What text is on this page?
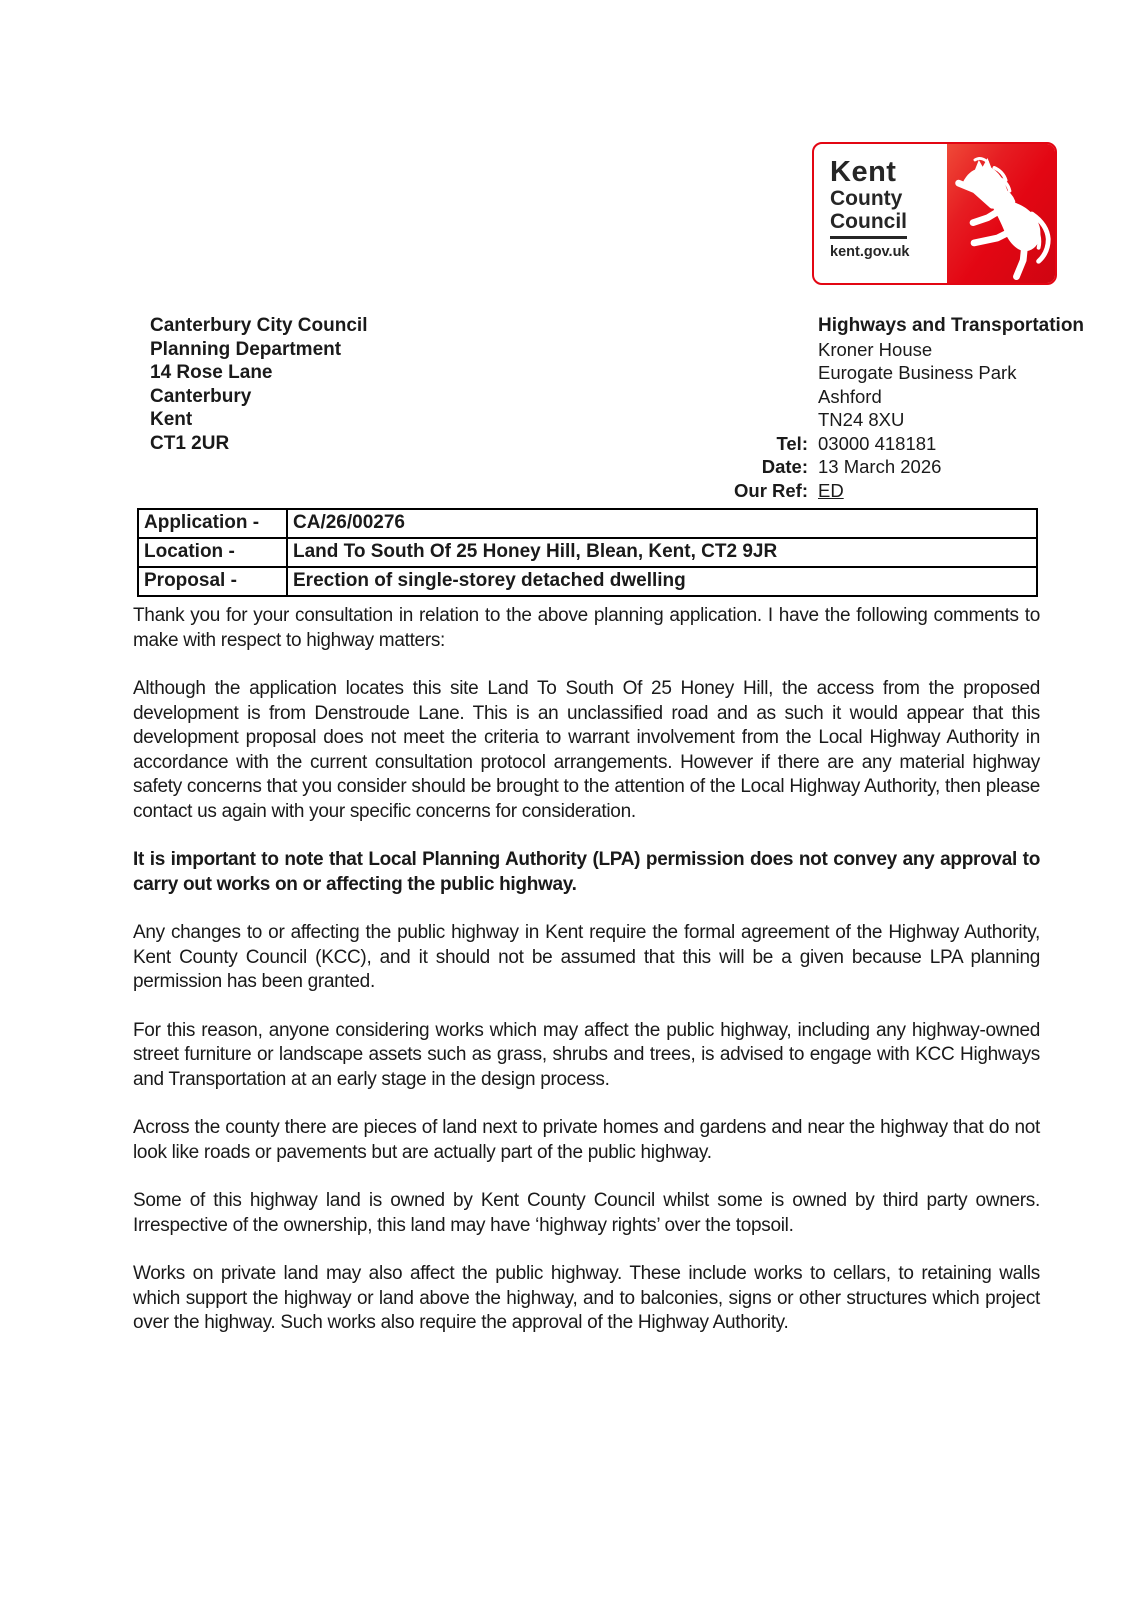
Kent
County
Council
kent.gov.uk
Canterbury City Council
Planning Department
14 Rose Lane
Canterbury
Kent
CT1 2UR
Highways and Transportation
Kroner House
Eurogate Business Park
Ashford
TN24 8XU
Tel: 03000 418181
Date: 13 March 2026
Our Ref: ED
Application -	CA/26/00276
Location -	Land To South Of 25 Honey Hill, Blean, Kent, CT2 9JR
Proposal -	Erection of single-storey detached dwelling

Thank you for your consultation in relation to the above planning application. I have the following comments to make with respect to highway matters:

Although the application locates this site Land To South Of 25 Honey Hill, the access from the proposed development is from Denstroude Lane. This is an unclassified road and as such it would appear that this development proposal does not meet the criteria to warrant involvement from the Local Highway Authority in accordance with the current consultation protocol arrangements. However if there are any material highway safety concerns that you consider should be brought to the attention of the Local Highway Authority, then please contact us again with your specific concerns for consideration.

It is important to note that Local Planning Authority (LPA) permission does not convey any approval to carry out works on or affecting the public highway.

Any changes to or affecting the public highway in Kent require the formal agreement of the Highway Authority, Kent County Council (KCC), and it should not be assumed that this will be a given because LPA planning permission has been granted.

For this reason, anyone considering works which may affect the public highway, including any highway-owned street furniture or landscape assets such as grass, shrubs and trees, is advised to engage with KCC Highways and Transportation at an early stage in the design process.

Across the county there are pieces of land next to private homes and gardens and near the highway that do not look like roads or pavements but are actually part of the public highway.

Some of this highway land is owned by Kent County Council whilst some is owned by third party owners. Irrespective of the ownership, this land may have ‘highway rights’ over the topsoil.

Works on private land may also affect the public highway. These include works to cellars, to retaining walls which support the highway or land above the highway, and to balconies, signs or other structures which project over the highway. Such works also require the approval of the Highway Authority.
